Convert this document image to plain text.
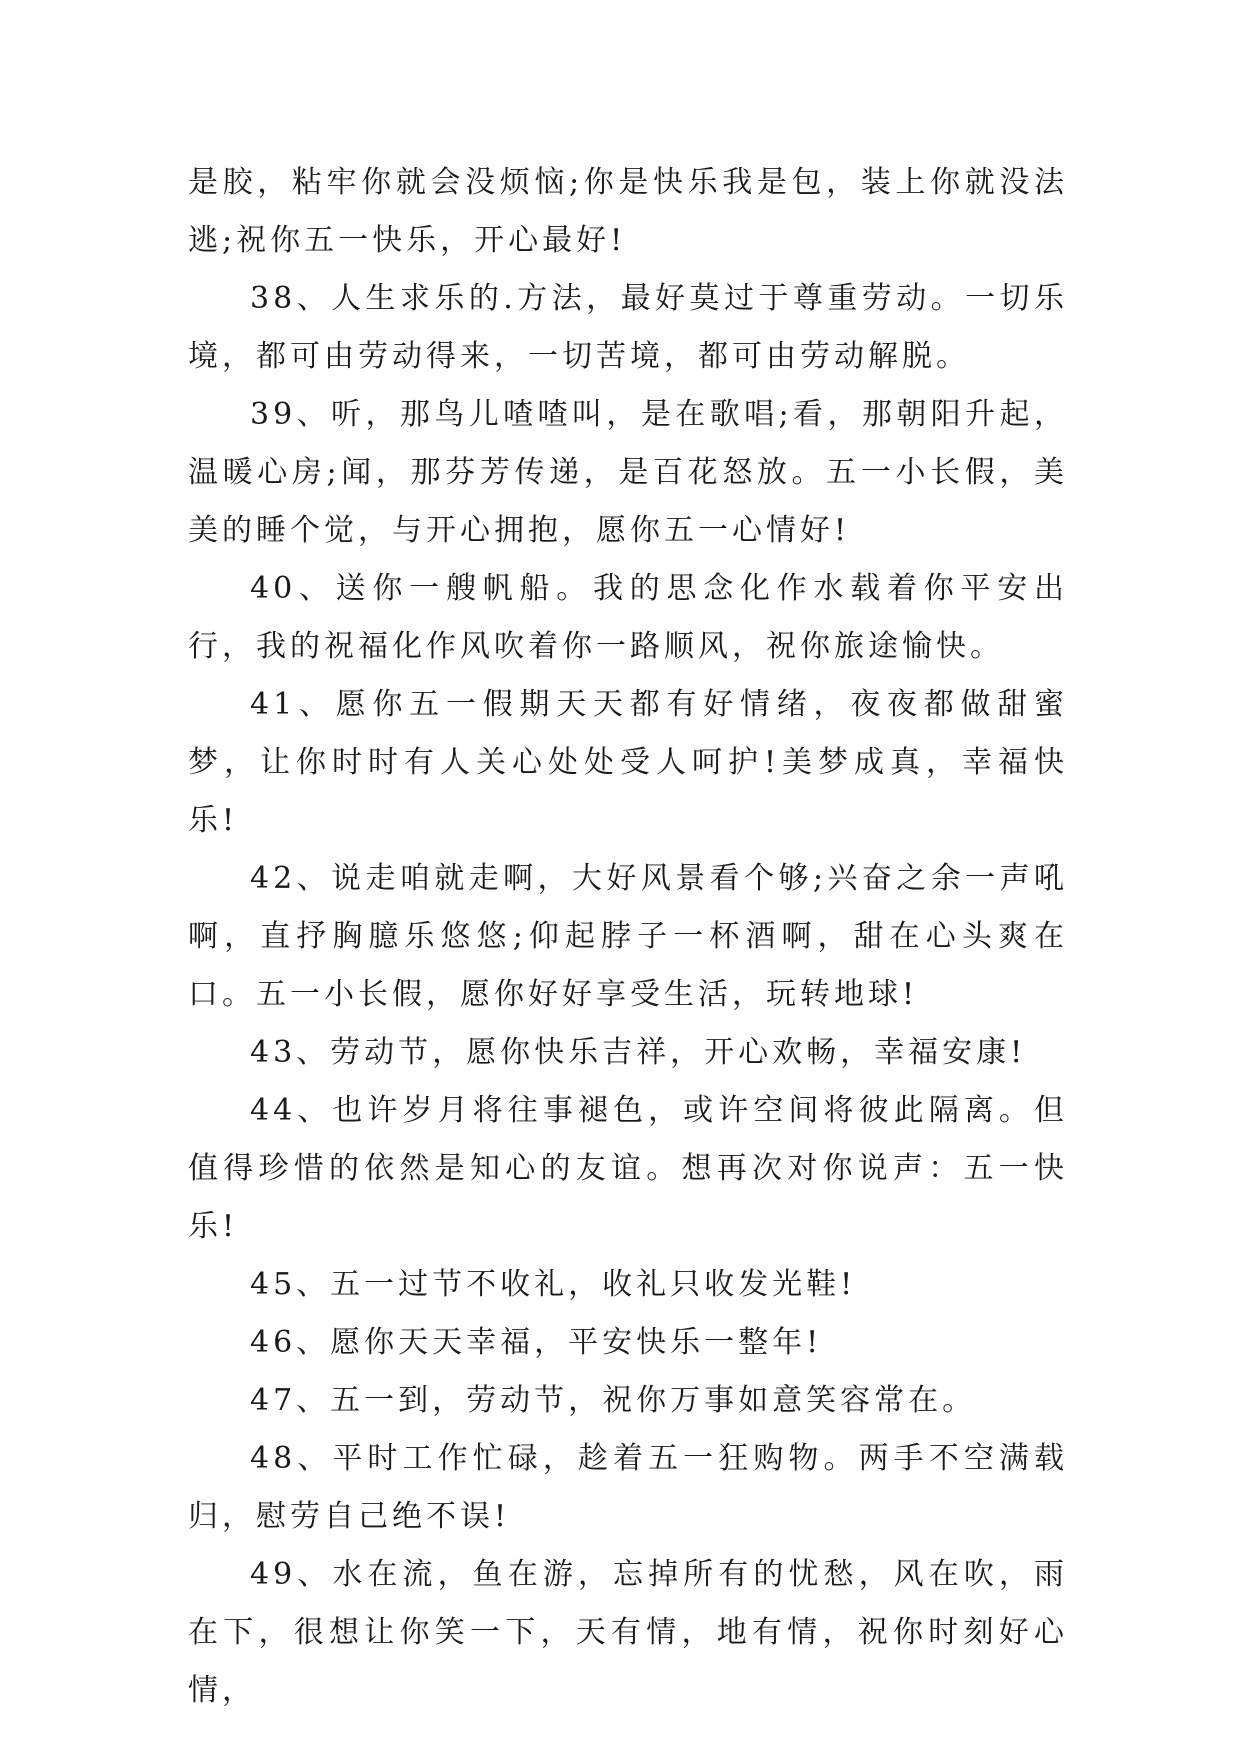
是胶，粘牢你就会没烦恼;你是快乐我是包，装上你就没法逃;祝你五一快乐，开心最好!

38、人生求乐的.方法，最好莫过于尊重劳动。一切乐境，都可由劳动得来，一切苦境，都可由劳动解脱。

39、听，那鸟儿喳喳叫，是在歌唱;看，那朝阳升起，温暖心房;闻，那芬芳传递，是百花怒放。五一小长假，美美的睡个觉，与开心拥抱，愿你五一心情好!

40、送你一艘帆船。我的思念化作水载着你平安出行，我的祝福化作风吹着你一路顺风，祝你旅途愉快。

41、愿你五一假期天天都有好情绪，夜夜都做甜蜜梦，让你时时有人关心处处受人呵护!美梦成真，幸福快乐!

42、说走咱就走啊，大好风景看个够;兴奋之余一声吼啊，直抒胸臆乐悠悠;仰起脖子一杯酒啊，甜在心头爽在口。五一小长假，愿你好好享受生活，玩转地球!

43、劳动节，愿你快乐吉祥，开心欢畅，幸福安康!

44、也许岁月将往事褪色，或许空间将彼此隔离。但值得珍惜的依然是知心的友谊。想再次对你说声：五一快乐!

45、五一过节不收礼，收礼只收发光鞋!

46、愿你天天幸福，平安快乐一整年!

47、五一到，劳动节，祝你万事如意笑容常在。

48、平时工作忙碌，趁着五一狂购物。两手不空满载归，慰劳自己绝不误!

49、水在流，鱼在游，忘掉所有的忧愁，风在吹，雨在下，很想让你笑一下，天有情，地有情，祝你时刻好心情，
